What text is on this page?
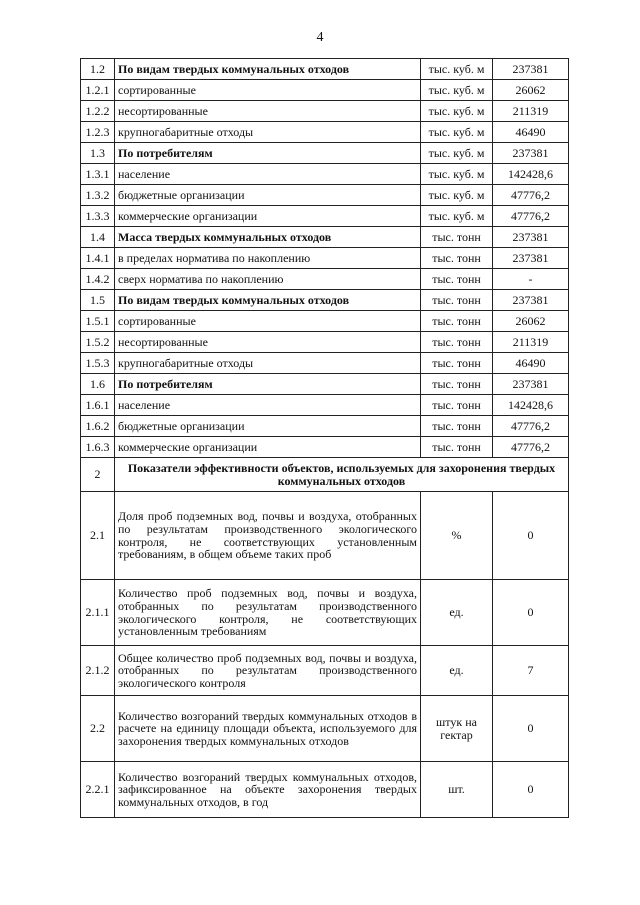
4
1.2	По видам твердых коммунальных отходов	тыс. куб. м	237381
1.2.1	сортированные	тыс. куб. м	26062
1.2.2	несортированные	тыс. куб. м	211319
1.2.3	крупногабаритные отходы	тыс. куб. м	46490
1.3	По потребителям	тыс. куб. м	237381
1.3.1	население	тыс. куб. м	142428,6
1.3.2	бюджетные организации	тыс. куб. м	47776,2
1.3.3	коммерческие организации	тыс. куб. м	47776,2
1.4	Масса твердых коммунальных отходов	тыс. тонн	237381
1.4.1	в пределах норматива по накоплению	тыс. тонн	237381
1.4.2	сверх норматива по накоплению	тыс. тонн	-
1.5	По видам твердых коммунальных отходов	тыс. тонн	237381
1.5.1	сортированные	тыс. тонн	26062
1.5.2	несортированные	тыс. тонн	211319
1.5.3	крупногабаритные отходы	тыс. тонн	46490
1.6	По потребителям	тыс. тонн	237381
1.6.1	население	тыс. тонн	142428,6
1.6.2	бюджетные организации	тыс. тонн	47776,2
1.6.3	коммерческие организации	тыс. тонн	47776,2
2	Показатели эффективности объектов, используемых для захоронения твердых коммунальных отходов		
2.1	Доля проб подземных вод, почвы и воздуха, отобранных по результатам производственного экологического контроля, не соответствующих установленным требованиям, в общем объеме таких проб	%	0
2.1.1	Количество проб подземных вод, почвы и воздуха, отобранных по результатам производственного экологического контроля, не соответствующих установленным требованиям	ед.	0
2.1.2	Общее количество проб подземных вод, почвы и воздуха, отобранных по результатам производственного экологического контроля	ед.	7
2.2	Количество возгораний твердых коммунальных отходов в расчете на единицу площади объекта, используемого для захоронения твердых коммунальных отходов	штук на гектар	0
2.2.1	Количество возгораний твердых коммунальных отходов, зафиксированное на объекте захоронения твердых коммунальных отходов, в год	шт.	0
